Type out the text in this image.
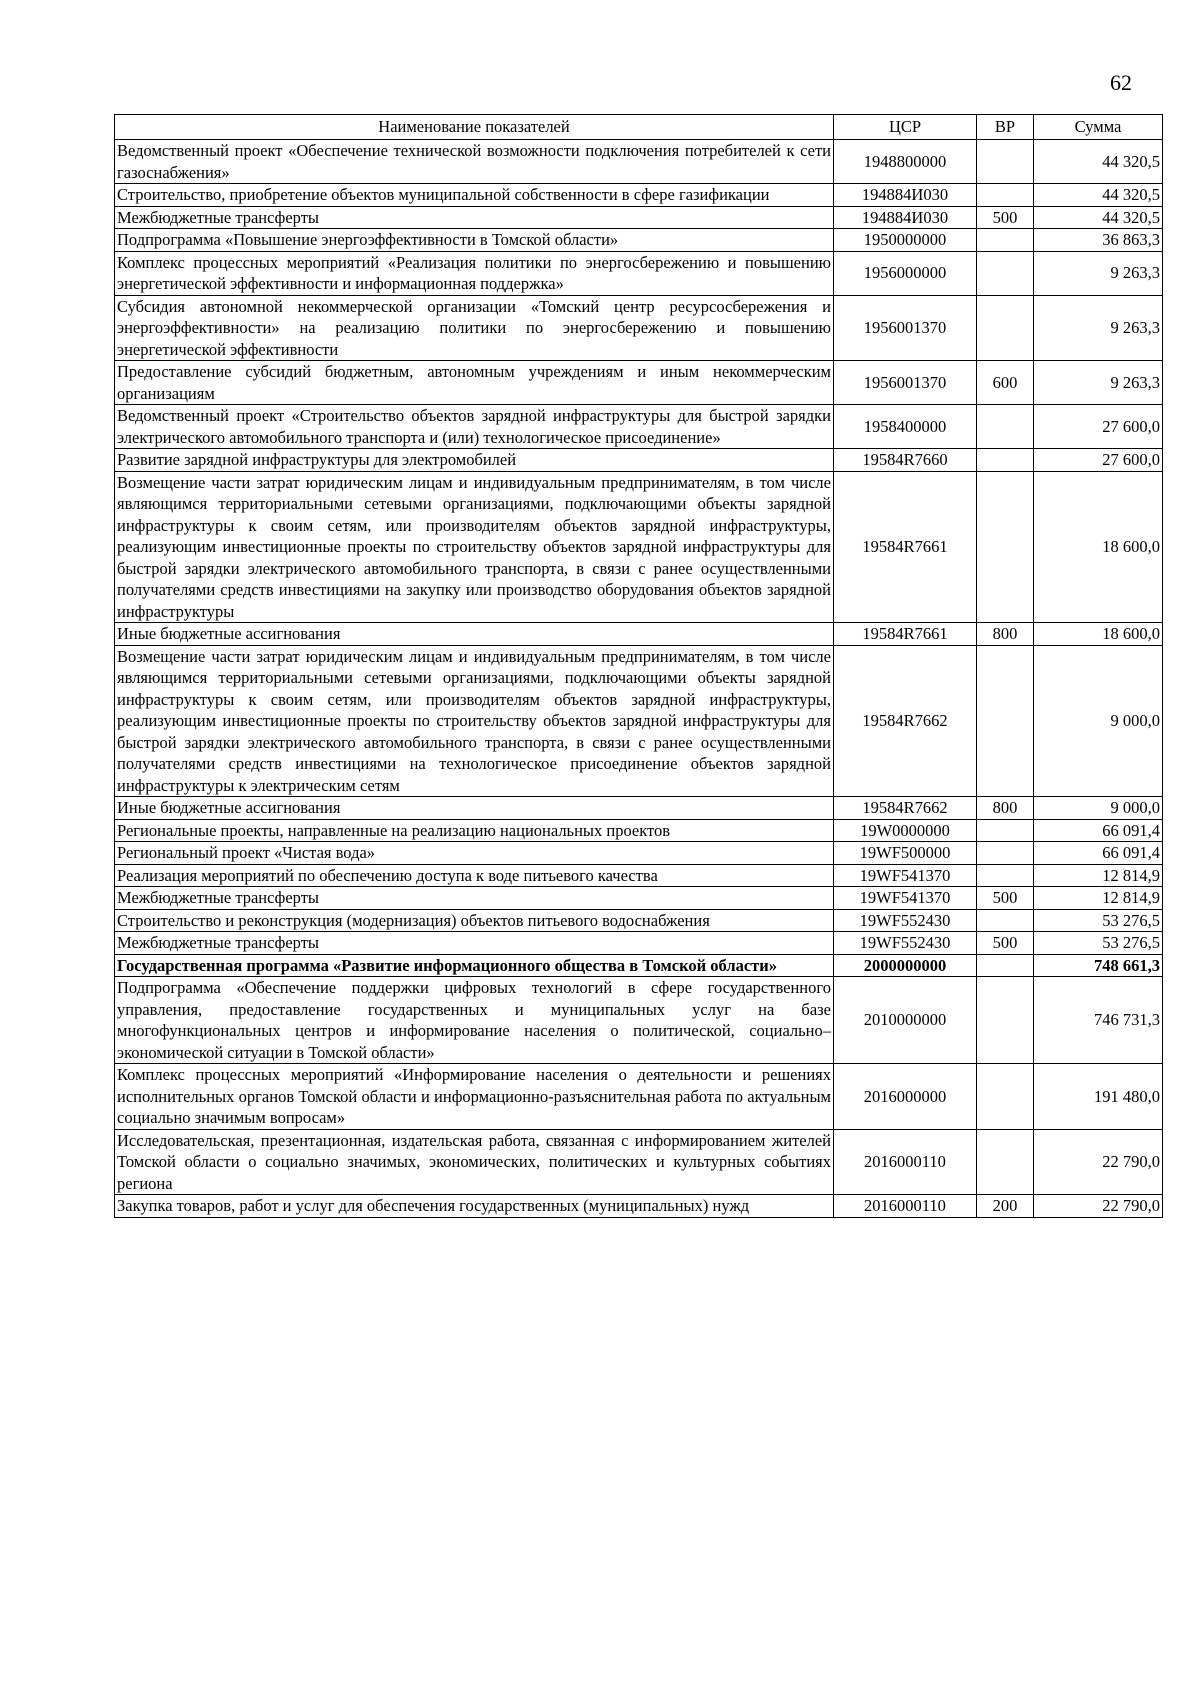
62
Наименование показателей	ЦСР	ВР	Сумма
Ведомственный проект «Обеспечение технической возможности подключения потребителей к сети газоснабжения»	1948800000		44 320,5
Строительство, приобретение объектов муниципальной собственности в сфере газификации	194884И030		44 320,5
Межбюджетные трансферты	194884И030	500	44 320,5
Подпрограмма «Повышение энергоэффективности в Томской области»	1950000000		36 863,3
Комплекс процессных мероприятий «Реализация политики по энергосбережению и повышению энергетической эффективности и информационная поддержка»	1956000000		9 263,3
Субсидия автономной некоммерческой организации «Томский центр ресурсосбережения и энергоэффективности» на реализацию политики по энергосбережению и повышению энергетической эффективности	1956001370		9 263,3
Предоставление субсидий бюджетным, автономным учреждениям и иным некоммерческим организациям	1956001370	600	9 263,3
Ведомственный проект «Строительство объектов зарядной инфраструктуры для быстрой зарядки электрического автомобильного транспорта и (или) технологическое присоединение»	1958400000		27 600,0
Развитие зарядной инфраструктуры для электромобилей	19584R7660		27 600,0
Возмещение части затрат юридическим лицам и индивидуальным предпринимателям, в том числе являющимся территориальными сетевыми организациями, подключающими объекты зарядной инфраструктуры к своим сетям, или производителям объектов зарядной инфраструктуры, реализующим инвестиционные проекты по строительству объектов зарядной инфраструктуры для быстрой зарядки электрического автомобильного транспорта, в связи с ранее осуществленными получателями средств инвестициями на закупку или производство оборудования объектов зарядной инфраструктуры	19584R7661		18 600,0
Иные бюджетные ассигнования	19584R7661	800	18 600,0
Возмещение части затрат юридическим лицам и индивидуальным предпринимателям, в том числе являющимся территориальными сетевыми организациями, подключающими объекты зарядной инфраструктуры к своим сетям, или производителям объектов зарядной инфраструктуры, реализующим инвестиционные проекты по строительству объектов зарядной инфраструктуры для быстрой зарядки электрического автомобильного транспорта, в связи с ранее осуществленными получателями средств инвестициями на технологическое присоединение объектов зарядной инфраструктуры к электрическим сетям	19584R7662		9 000,0
Иные бюджетные ассигнования	19584R7662	800	9 000,0
Региональные проекты, направленные на реализацию национальных проектов	19W0000000		66 091,4
Региональный проект «Чистая вода»	19WF500000		66 091,4
Реализация мероприятий по обеспечению доступа к воде питьевого качества	19WF541370		12 814,9
Межбюджетные трансферты	19WF541370	500	12 814,9
Строительство и реконструкция (модернизация) объектов питьевого водоснабжения	19WF552430		53 276,5
Межбюджетные трансферты	19WF552430	500	53 276,5
Государственная программа «Развитие информационного общества в Томской области»	2000000000		748 661,3
Подпрограмма «Обеспечение поддержки цифровых технологий в сфере государственного управления, предоставление государственных и муниципальных услуг на базе многофункциональных центров и информирование населения о политической, социально–экономической ситуации в Томской области»	2010000000		746 731,3
Комплекс процессных мероприятий «Информирование населения о деятельности и решениях исполнительных органов Томской области и информационно-разъяснительная работа по актуальным социально значимым вопросам»	2016000000		191 480,0
Исследовательская, презентационная, издательская работа, связанная с информированием жителей Томской области о социально значимых, экономических, политических и культурных событиях региона	2016000110		22 790,0
Закупка товаров, работ и услуг для обеспечения государственных (муниципальных) нужд	2016000110	200	22 790,0
